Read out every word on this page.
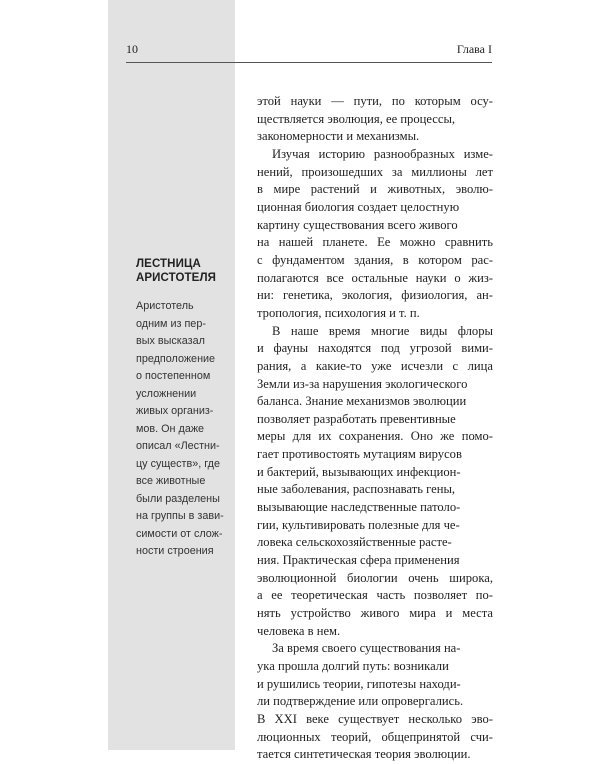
10	Глава I
ЛЕСТНИЦА
АРИСТОТЕЛЯ
Аристотель
одним из пер-
вых высказал
предположение
о постепенном
усложнении
живых организ-
мов. Он даже
описал «Лестни-
цу существ», где
все животные
были разделены
на группы в зави-
симости от слож-
ности строения
этой науки — пути, по которым осу-
ществляется эволюция, ее процессы,
закономерности и механизмы.
Изучая историю разнообразных изме-
нений, произошедших за миллионы лет
в мире растений и животных, эволю-
ционная биология создает целостную
картину существования всего живого
на нашей планете. Ее можно сравнить
с фундаментом здания, в котором рас-
полагаются все остальные науки о жиз-
ни: генетика, экология, физиология, ан-
тропология, психология и т. п.
В наше время многие виды флоры
и фауны находятся под угрозой вими-
рания, а какие-то уже исчезли с лица
Земли из-за нарушения экологического
баланса. Знание механизмов эволюции
позволяет разработать превентивные
меры для их сохранения. Оно же помо-
гает противостоять мутациям вирусов
и бактерий, вызывающих инфекцион-
ные заболевания, распознавать гены,
вызывающие наследственные патоло-
гии, культивировать полезные для че-
ловека сельскохозяйственные расте-
ния. Практическая сфера применения
эволюционной биологии очень широка,
а ее теоретическая часть позволяет по-
нять устройство живого мира и места
человека в нем.
За время своего существования на-
ука прошла долгий путь: возникали
и рушились теории, гипотезы находи-
ли подтверждение или опровергались.
В XXI веке существует несколько эво-
люционных теорий, общепринятой счи-
тается синтетическая теория эволюции.
